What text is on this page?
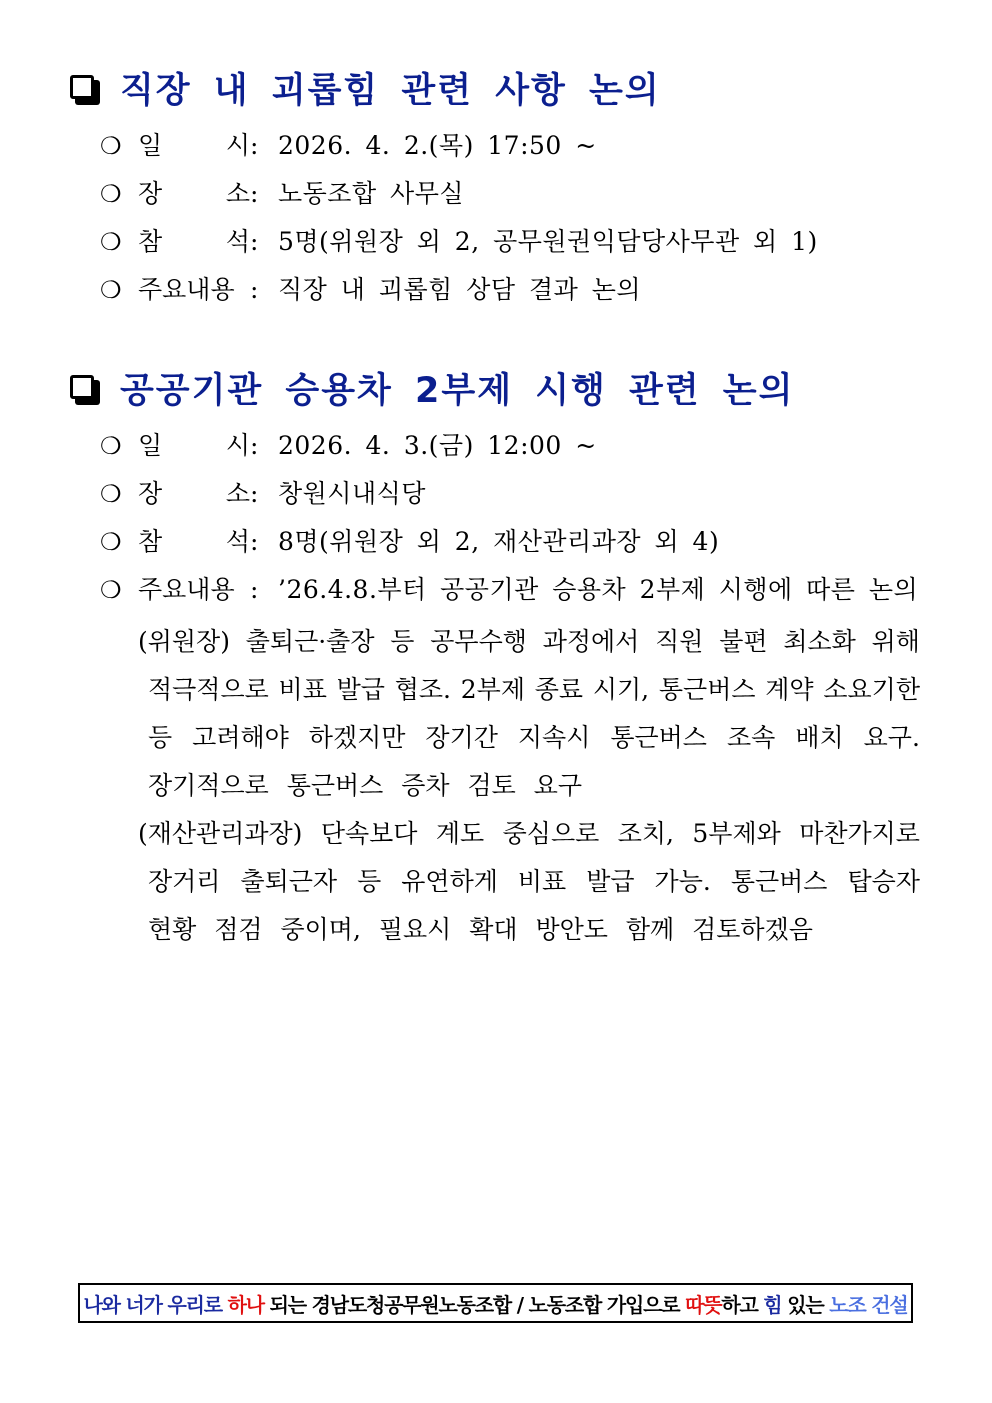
직장 내 괴롭힘 관련 사항 논의
❍ 일	시 : 2026. 4. 2.(목) 17:50 ~
❍ 장	소 : 노동조합 사무실
❍ 참	석 : 5명(위원장 외 2, 공무원권익담당사무관 외 1)
❍ 주요내용 : 직장 내 괴롭힘 상담 결과 논의
공공기관 승용차 2부제 시행 관련 논의
❍ 일	시 : 2026. 4. 3.(금) 12:00 ~
❍ 장	소 : 창원시내식당
❍ 참	석 : 8명(위원장 외 2, 재산관리과장 외 4)
❍ 주요내용 : ’26.4.8.부터 공공기관 승용차 2부제 시행에 따른 논의
(위원장) 출퇴근·출장 등 공무수행 과정에서 직원 불편 최소화 위해
적극적으로 비표 발급 협조. 2부제 종료 시기, 통근버스 계약 소요기한
등 고려해야 하겠지만 장기간 지속시 통근버스 조속 배치 요구.
장기적으로 통근버스 증차 검토 요구
(재산관리과장) 단속보다 계도 중심으로 조치, 5부제와 마찬가지로
장거리 출퇴근자 등 유연하게 비표 발급 가능. 통근버스 탑승자
현황 점검 중이며, 필요시 확대 방안도 함께 검토하겠음
나와 너가 우리로 하나 되는 경남도청공무원노동조합 / 노동조합 가입으로 따뜻 하고 힘 있는 노조 건설
